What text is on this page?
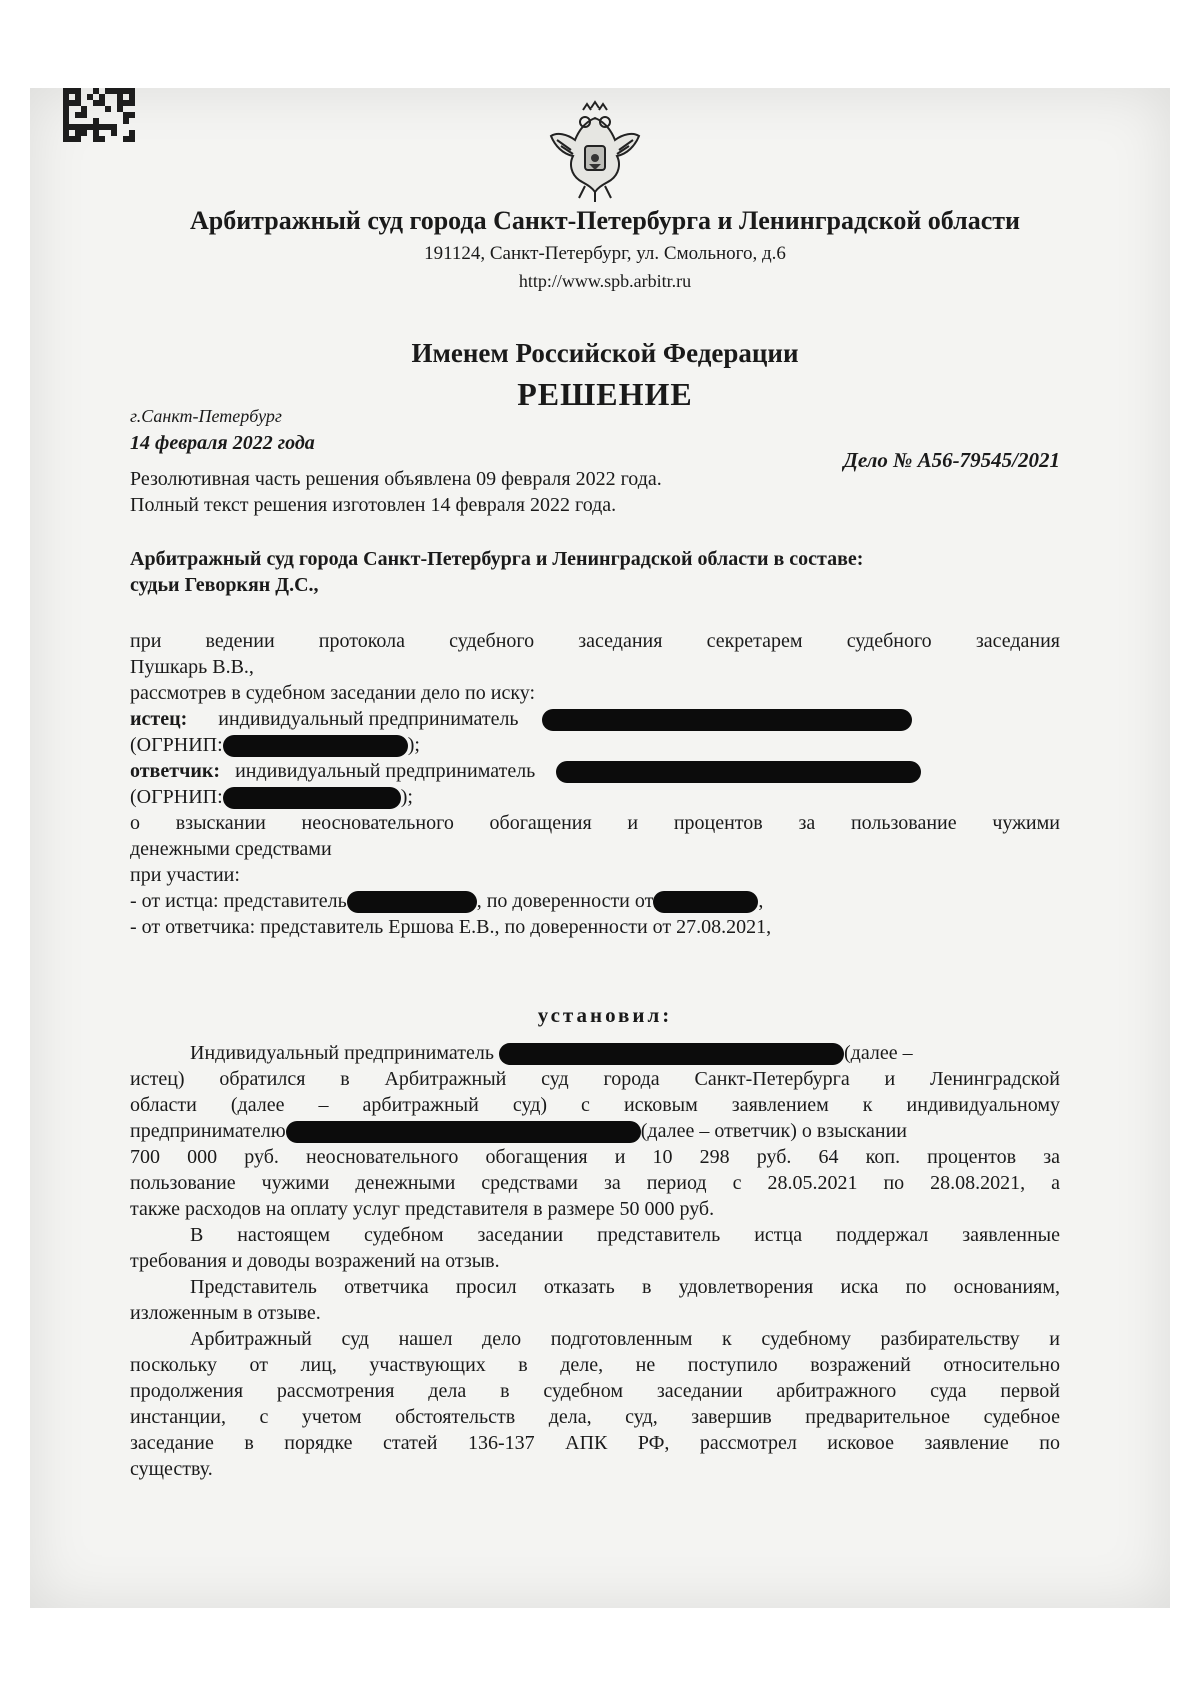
Арбитражный суд города Санкт-Петербурга и Ленинградской области
191124, Санкт-Петербург, ул. Смольного, д.6
http://www.spb.arbitr.ru
Именем Российской Федерации
РЕШЕНИЕ
г.Санкт-Петербург
14 февраля 2022 года
Дело № А56-79545/2021
Резолютивная часть решения объявлена 09 февраля 2022 года.
Полный текст решения изготовлен 14 февраля 2022 года.
Арбитражный суд города Санкт-Петербурга и Ленинградской области в составе:
судьи Геворкян Д.С.,
при ведении протокола судебного заседания секретарем судебного заседания
Пушкарь В.В.,
рассмотрев в судебном заседании дело по иску:
истец: индивидуальный предприниматель
(ОГРНИП:	);
ответчик: индивидуальный предприниматель
(ОГРНИП:	);
о взыскании неосновательного обогащения и процентов за пользование чужими
денежными средствами
при участии:
- от истца: представитель	, по доверенности от	,
- от ответчика: представитель Ершова Е.В., по доверенности от 27.08.2021,
установил:
Индивидуальный предприниматель	(далее –
истец) обратился в Арбитражный суд города Санкт-Петербурга и Ленинградской
области (далее – арбитражный суд) с исковым заявлением к индивидуальному
предпринимателю	(далее – ответчик) о взыскании
700 000 руб. неосновательного обогащения и 10 298 руб. 64 коп. процентов за
пользование чужими денежными средствами за период с 28.05.2021 по 28.08.2021, а
также расходов на оплату услуг представителя в размере 50 000 руб.
В настоящем судебном заседании представитель истца поддержал заявленные
требования и доводы возражений на отзыв.
Представитель ответчика просил отказать в удовлетворения иска по основаниям,
изложенным в отзыве.
Арбитражный суд нашел дело подготовленным к судебному разбирательству и
поскольку от лиц, участвующих в деле, не поступило возражений относительно
продолжения рассмотрения дела в судебном заседании арбитражного суда первой
инстанции, с учетом обстоятельств дела, суд, завершив предварительное судебное
заседание в порядке статей 136-137 АПК РФ, рассмотрел исковое заявление по
существу.
